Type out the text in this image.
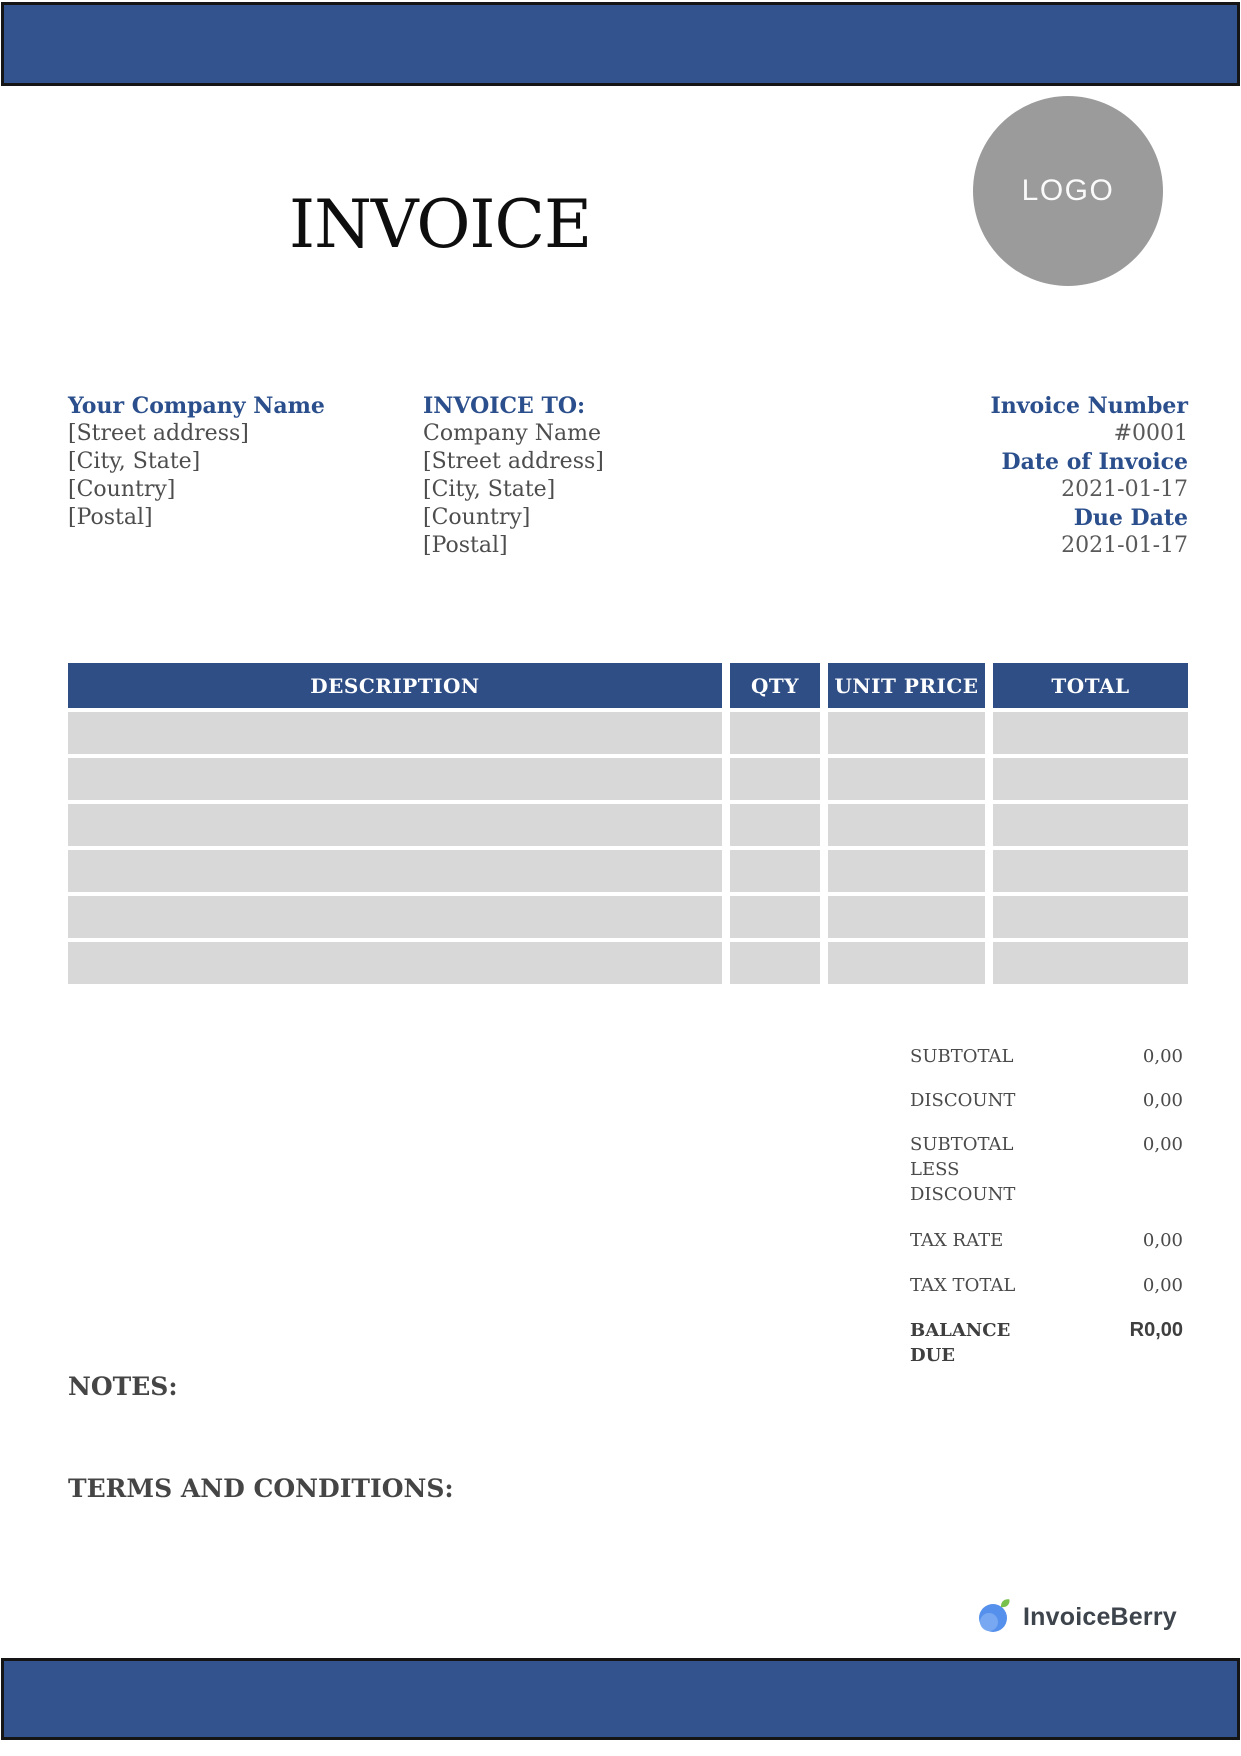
INVOICE	LOGO
Your Company Name
[Street address]
[City, State]
[Country]
[Postal]
INVOICE TO:
Company Name
[Street address]
[City, State]
[Country]
[Postal]
Invoice Number
#0001
Date of Invoice
2021-01-17
Due Date
2021-01-17
DESCRIPTION	QTY	UNIT PRICE	TOTAL
SUBTOTAL	0,00
DISCOUNT	0,00
SUBTOTAL LESS DISCOUNT
0,00
TAX RATE	0,00
TAX TOTAL	0,00
BALANCE DUE
R0,00
NOTES:
TERMS AND CONDITIONS:
InvoiceBerry
